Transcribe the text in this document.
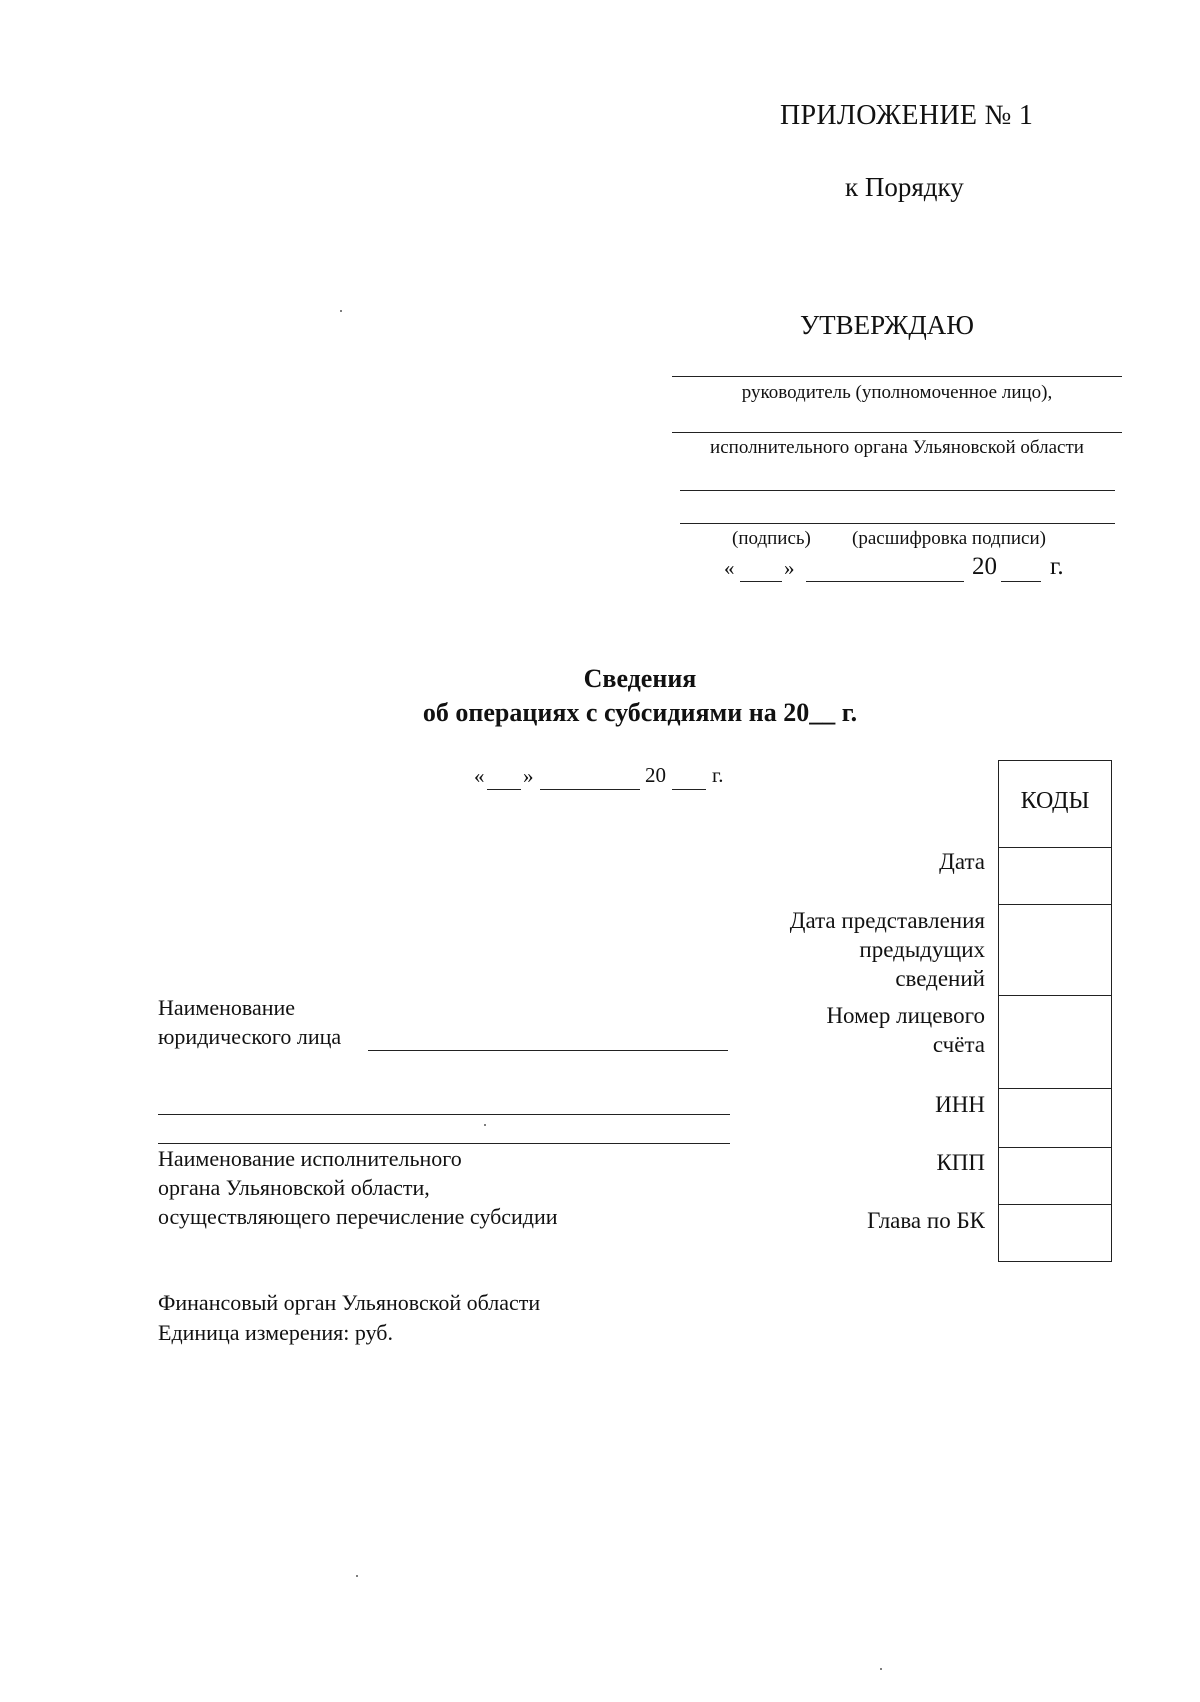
ПРИЛОЖЕНИЕ № 1
к Порядку
УТВЕРЖДАЮ
руководитель (уполномоченное лицо),
исполнительного органа Ульяновской области
(подпись) (расшифровка подписи)
« »	20 г.
Сведения
об операциях с субсидиями на 20__ г.
« »	20 г.
КОДЫ
Дата
Дата представления
предыдущих
сведений
Номер лицевого
счёта
ИНН
КПП
Глава по БК
Наименование
юридического лица
Наименование исполнительного
органа Ульяновской области,
осуществляющего перечисление субсидии
Финансовый орган Ульяновской области
Единица измерения: руб.
